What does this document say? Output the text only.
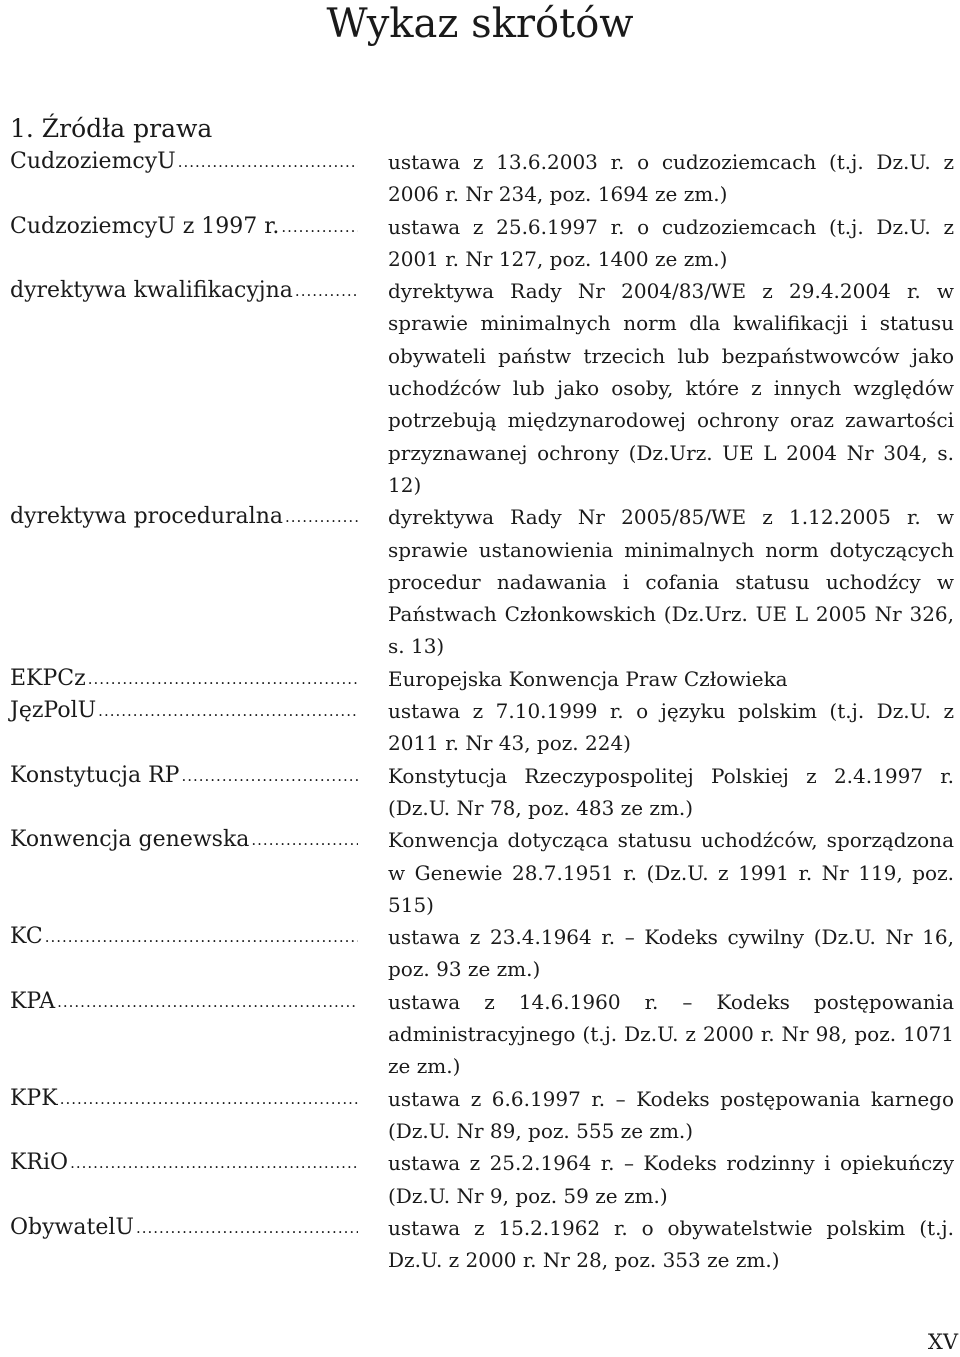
Wykaz skrótów
1. Źródła prawa
CudzoziemcyU .....	ustawa z 13.6.2003 r. o cudzoziemcach (t.j. Dz.U. z 2006 r. Nr 234, poz. 1694 ze zm.)
CudzoziemcyU z 1997 r. .....	ustawa z 25.6.1997 r. o cudzoziemcach (t.j. Dz.U. z 2001 r. Nr 127, poz. 1400 ze zm.)
dyrektywa kwalifikacyjna .....	dyrektywa Rady Nr 2004/83/WE z 29.4.2004 r. w sprawie minimalnych norm dla kwalifikacji i statusu obywateli państw trzecich lub bezpaństwowców jako uchodźców lub jako osoby, które z innych względów potrzebują międzynarodowej ochrony oraz zawartości przyznawanej ochrony (Dz.Urz. UE L 2004 Nr 304, s. 12)
dyrektywa proceduralna .....	dyrektywa Rady Nr 2005/85/WE z 1.12.2005 r. w sprawie ustanowienia minimalnych norm dotyczących procedur nadawania i cofania statusu uchodźcy w Państwach Członkowskich (Dz.Urz. UE L 2005 Nr 326, s. 13)
EKPCz .....	Europejska Konwencja Praw Człowieka
JęzPolU .....	ustawa z 7.10.1999 r. o języku polskim (t.j. Dz.U. z 2011 r. Nr 43, poz. 224)
Konstytucja RP .....	Konstytucja Rzeczypospolitej Polskiej z 2.4.1997 r. (Dz.U. Nr 78, poz. 483 ze zm.)
Konwencja genewska .....	Konwencja dotycząca statusu uchodźców, sporządzona w Genewie 28.7.1951 r. (Dz.U. z 1991 r. Nr 119, poz. 515)
KC .....	ustawa z 23.4.1964 r. – Kodeks cywilny (Dz.U. Nr 16, poz. 93 ze zm.)
KPA .....	ustawa z 14.6.1960 r. – Kodeks postępowania administracyjnego (t.j. Dz.U. z 2000 r. Nr 98, poz. 1071 ze zm.)
KPK .....	ustawa z 6.6.1997 r. – Kodeks postępowania karnego (Dz.U. Nr 89, poz. 555 ze zm.)
KRiO .....	ustawa z 25.2.1964 r. – Kodeks rodzinny i opiekuńczy (Dz.U. Nr 9, poz. 59 ze zm.)
ObywatelU .....	ustawa z 15.2.1962 r. o obywatelstwie polskim (t.j. Dz.U. z 2000 r. Nr 28, poz. 353 ze zm.)
XV
